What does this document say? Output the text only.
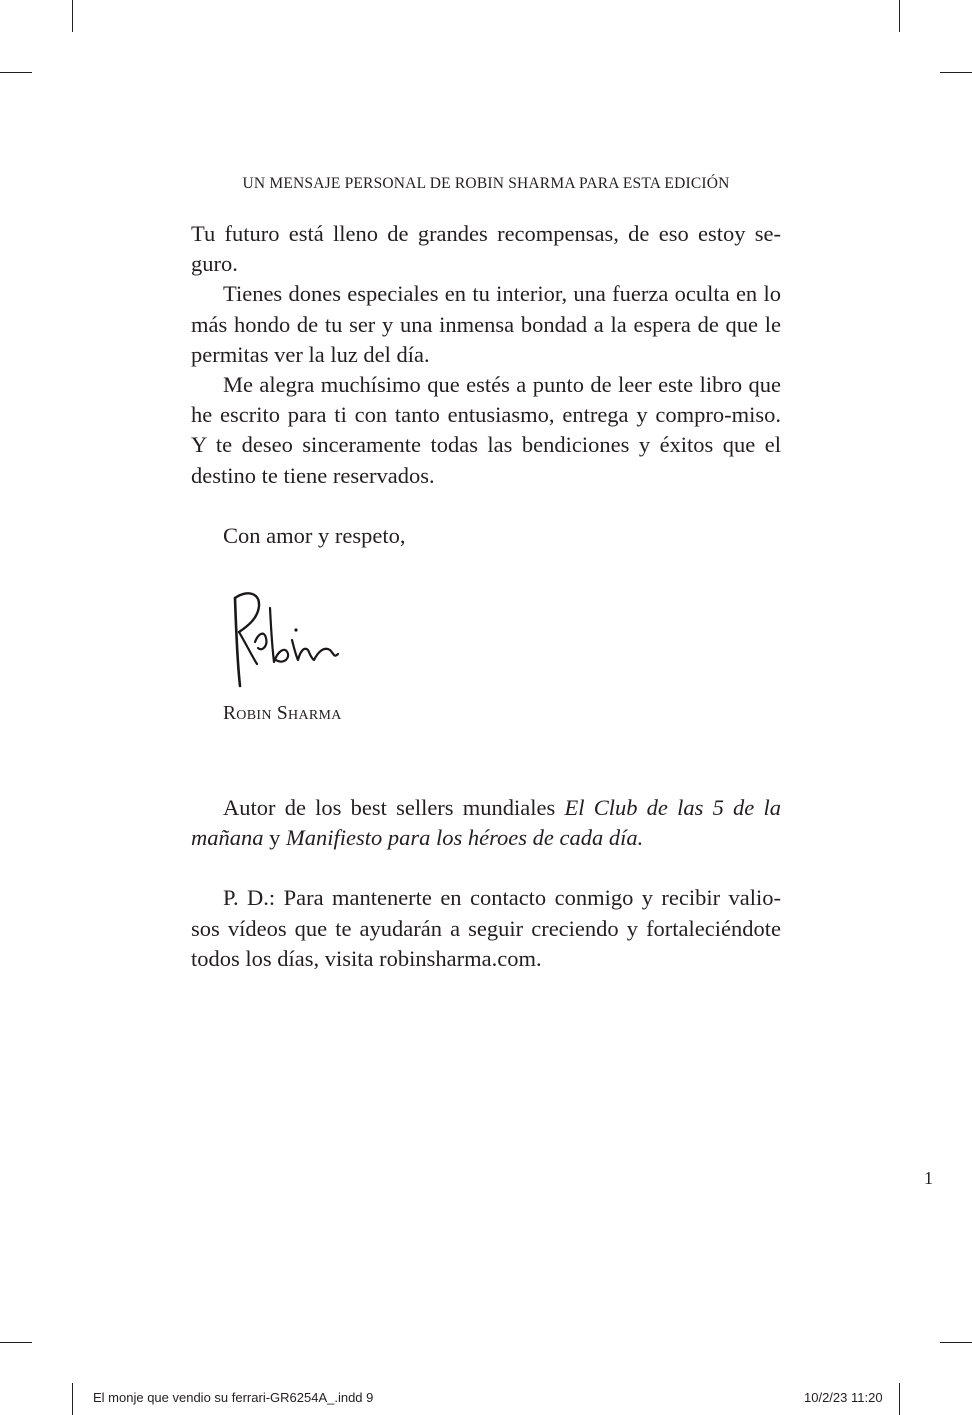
UN MENSAJE PERSONAL DE ROBIN SHARMA PARA ESTA EDICIÓN

Tu futuro está lleno de grandes recompensas, de eso estoy se-guro.

Tienes dones especiales en tu interior, una fuerza oculta en lo más hondo de tu ser y una inmensa bondad a la espera de que le permitas ver la luz del día.

Me alegra muchísimo que estés a punto de leer este libro que he escrito para ti con tanto entusiasmo, entrega y compro-miso. Y te deseo sinceramente todas las bendiciones y éxitos que el destino te tiene reservados.

Con amor y respeto,

Autor de los best sellers mundiales El Club de las 5 de la mañana y Manifiesto para los héroes de cada día.

P. D.: Para mantenerte en contacto conmigo y recibir valio-sos vídeos que te ayudarán a seguir creciendo y fortaleciéndote todos los días, visita robinsharma.com.

Robin Sharma
1
El monje que vendio su ferrari-GR6254A_.indd 9	10/2/23 11:20
